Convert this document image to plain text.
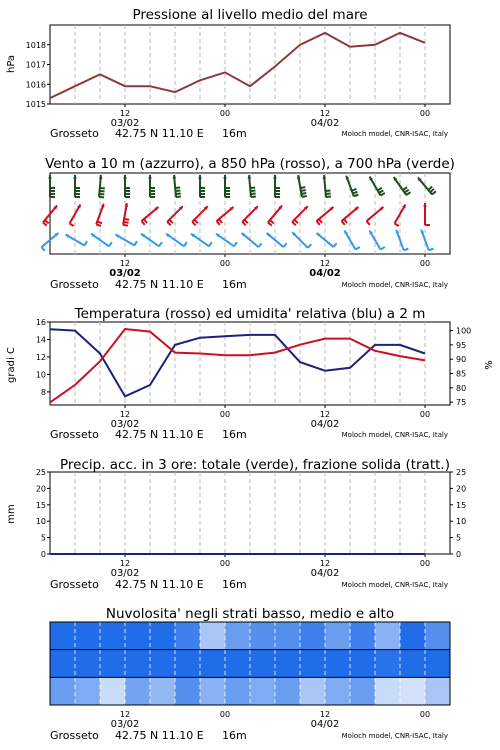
Pressione al livello medio del mare
Vento a 10 m (azzurro), a 850 hPa (rosso), a 700 hPa (verde)
Temperatura (rosso) ed umidita' relativa (blu) a 2 m
Precip. acc. in 3 ore: totale (verde), frazione solida (tratt.)
Nuvolosita' negli strati basso, medio e alto
hPa
gradi C	%
mm
Grosseto 42.75 N 11.10 E 16m	Moloch model, CNR-ISAC, Italy
Grosseto 42.75 N 11.10 E 16m	Moloch model, CNR-ISAC, Italy
Grosseto 42.75 N 11.10 E 16m	Moloch model, CNR-ISAC, Italy
Grosseto 42.75 N 11.10 E 16m	Moloch model, CNR-ISAC, Italy
Grosseto 42.75 N 11.10 E 16m	Moloch model, CNR-ISAC, Italy
12	00	12	00
03/02	04/02
1015
1016
1017
1018
12	00	12	00
03/02	04/02
12	00	12	00
03/02	04/02
8
10
12
14
16
75
80
85
90
95
100
12	00	12	00
03/02	04/02
0
5
10
15
20
25
0
5
10
15
20
25
12	00	12	00
03/02	04/02
